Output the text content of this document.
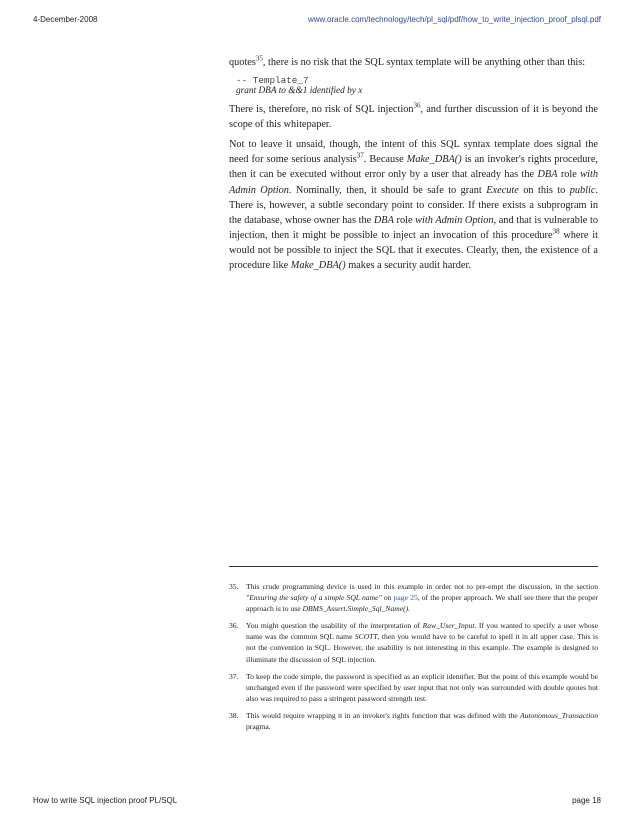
4-December-2008	www.oracle.com/technology/tech/pl_sql/pdf/how_to_write_injection_proof_plsql.pdf

quotes$^{35}$, there is no risk that the SQL syntax template will be anything other than this:

-- Template_7
grant DBA to &&1 identified by x

There is, therefore, no risk of SQL injection$^{36}$, and further discussion of it is beyond the scope of this whitepaper.

Not to leave it unsaid, though, the intent of this SQL syntax template does signal the need for some serious analysis$^{37}$. Because Make_DBA() is an invoker's rights procedure, then it can be executed without error only by a user that already has the DBA role with Admin Option. Nominally, then, it should be safe to grant Execute on this to public. There is, however, a subtle secondary point to consider. If there exists a subprogram in the database, whose owner has the DBA role with Admin Option, and that is vulnerable to injection, then it might be possible to inject an invocation of this procedure$^{38}$ where it would not be possible to inject the SQL that it executes. Clearly, then, the existence of a procedure like Make_DBA() makes a security audit harder.

35. This crude programming device is used in this example in order not to pre-empt the discussion, in the section "Ensuring the safety of a simple SQL name" on page 25, of the proper approach. We shall see there that the proper approach is to use DBMS_Assert.Simple_Sql_Name().
36. You might question the usability of the interpretation of Raw_User_Input. If you wanted to specify a user whose name was the common SQL name SCOTT, then you would have to be careful to spell it in all upper case. This is not the convention in SQL. However, the usability is not interesting in this example. The example is designed to illuminate the discussion of SQL injection.
37. To keep the code simple, the password is specified as an explicit identifier. But the point of this example would be unchanged even if the password were specified by user input that not only was surrounded with double quotes but also was required to pass a stringent password strength test.
38. This would require wrapping it in an invoker's rights function that was defined with the Autonomous_Transaction pragma.
How to write SQL injection proof PL/SQL	page 18
